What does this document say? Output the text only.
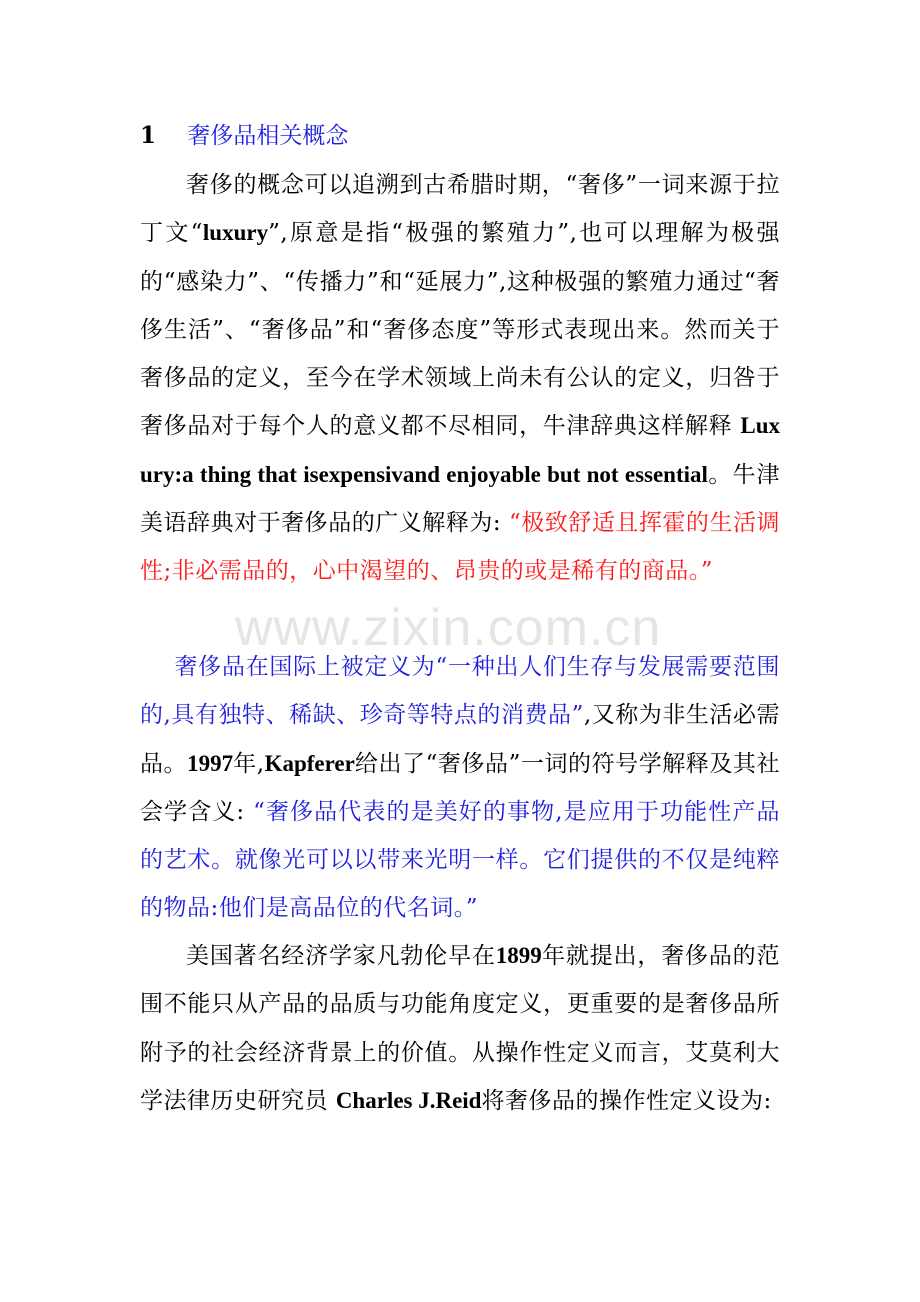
1 奢侈品相关概念

奢侈的概念可以追溯到古希腊时期，“奢侈”一词来源于拉丁文“luxury”,原意是指“极强的繁殖力”,也可以理解为极强的“感染力”、“传播力”和“延展力”,这种极强的繁殖力通过“奢侈生活”、“奢侈品”和“奢侈态度”等形式表现出来。然而关于奢侈品的定义，至今在学术领域上尚未有公认的定义，归咎于奢侈品对于每个人的意义都不尽相同，牛津辞典这样解释 Luxury:a thing that isexpensivand enjoyable but not essential。牛津美语辞典对于奢侈品的广义解释为: “极致舒适且挥霍的生活调性;非必需品的，心中渴望的、昂贵的或是稀有的商品。”

www.zixin.com.cn

奢侈品在国际上被定义为“一种出人们生存与发展需要范围的,具有独特、稀缺、珍奇等特点的消费品”,又称为非生活必需品。1997年,Kapferer给出了“奢侈品”一词的符号学解释及其社会学含义: “奢侈品代表的是美好的事物,是应用于功能性产品的艺术。就像光可以以带来光明一样。它们提供的不仅是纯粹的物品:他们是高品位的代名词。”

美国著名经济学家凡勃伦早在1899年就提出，奢侈品的范围不能只从产品的品质与功能角度定义，更重要的是奢侈品所附予的社会经济背景上的价值。从操作性定义而言，艾莫利大学法律历史研究员 Charles J.Reid将奢侈品的操作性定义设为:
